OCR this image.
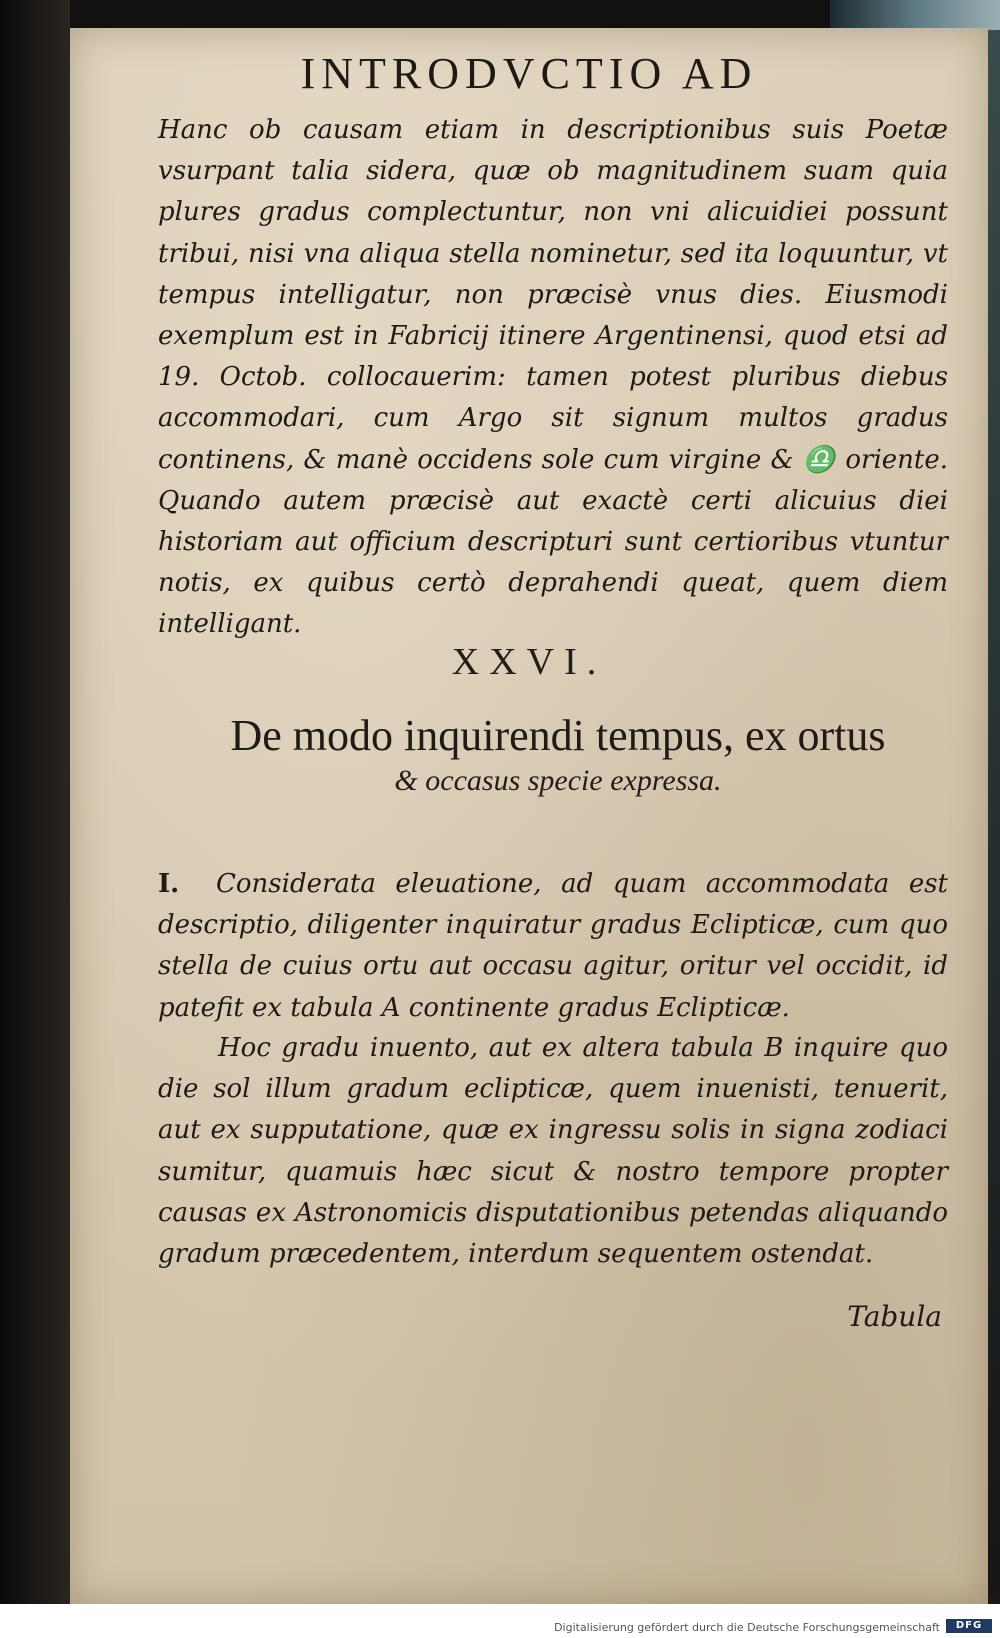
INTRODVCTIO AD

Hanc ob causam etiam in descriptionibus suis Poetæ vsurpant talia sidera, quæ ob magnitudinem suam quia plures gradus complectuntur, non vni alicuidiei possunt tribui, nisi vna aliqua stella nominetur, sed ita loquuntur, vt tempus intelligatur, non præcisè vnus dies. Eiusmodi exemplum est in Fabricij itinere Argentinensi, quod etsi ad 19. Octob. collocauerim: tamen potest pluribus diebus accommodari, cum Argo sit signum multos gradus continens, & manè occidens sole cum virgine & ♎ oriente. Quando autem præcisè aut exactè certi alicuius diei historiam aut officium descripturi sunt certioribus vtuntur notis, ex quibus certò deprahendi queat, quem diem intelligant.

XXVI.
De modo inquirendi tempus, ex ortus
& occasus specie expressa.

I. Considerata eleuatione, ad quam accommodata est descriptio, diligenter inquiratur gradus Eclipticæ, cum quo stella de cuius ortu aut occasu agitur, oritur vel occidit, id patefit ex tabula A continente gradus Eclipticæ.

Hoc gradu inuento, aut ex altera tabula B inquire quo die sol illum gradum eclipticæ, quem inuenisti, tenuerit, aut ex supputatione, quæ ex ingressu solis in signa zodiaci sumitur, quamuis hæc sicut & nostro tempore propter causas ex Astronomicis disputationibus petendas aliquando gradum præcedentem, interdum sequentem ostendat.

Tabula
Digitalisierung gefördert durch die Deutsche Forschungsgemeinschaft	DFG
